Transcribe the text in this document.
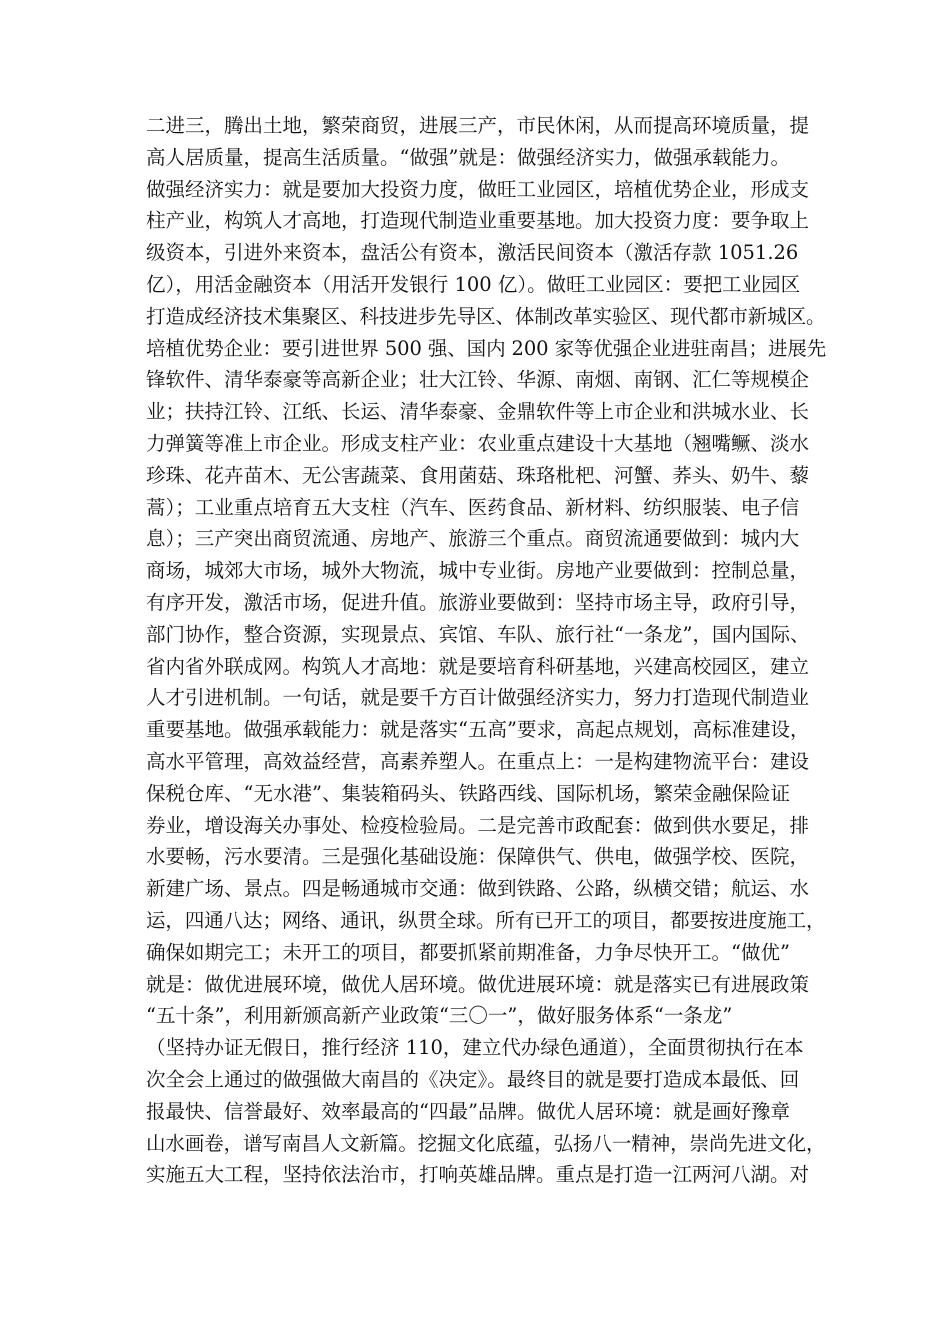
二进三，腾出土地，繁荣商贸，进展三产，市民休闲，从而提高环境质量，提
高人居质量，提高生活质量。“做强”就是：做强经济实力，做强承载能力。
做强经济实力：就是要加大投资力度，做旺工业园区，培植优势企业，形成支
柱产业，构筑人才高地，打造现代制造业重要基地。加大投资力度：要争取上
级资本，引进外来资本，盘活公有资本，激活民间资本（激活存款 1051.26
亿），用活金融资本（用活开发银行 100 亿）。做旺工业园区：要把工业园区
打造成经济技术集聚区、科技进步先导区、体制改革实验区、现代都市新城区。
培植优势企业：要引进世界 500 强、国内 200 家等优强企业进驻南昌；进展先
锋软件、清华泰豪等高新企业；壮大江铃、华源、南烟、南钢、汇仁等规模企
业；扶持江铃、江纸、长运、清华泰豪、金鼎软件等上市企业和洪城水业、长
力弹簧等准上市企业。形成支柱产业：农业重点建设十大基地（翘嘴鳜、淡水
珍珠、花卉苗木、无公害蔬菜、食用菌菇、珠珞枇杷、河蟹、荞头、奶牛、藜
蒿）；工业重点培育五大支柱（汽车、医药食品、新材料、纺织服装、电子信
息）；三产突出商贸流通、房地产、旅游三个重点。商贸流通要做到：城内大
商场，城郊大市场，城外大物流，城中专业街。房地产业要做到：控制总量，
有序开发，激活市场，促进升值。旅游业要做到：坚持市场主导，政府引导，
部门协作，整合资源，实现景点、宾馆、车队、旅行社“一条龙”，国内国际、
省内省外联成网。构筑人才高地：就是要培育科研基地，兴建高校园区，建立
人才引进机制。一句话，就是要千方百计做强经济实力，努力打造现代制造业
重要基地。做强承载能力：就是落实“五高”要求，高起点规划，高标准建设，
高水平管理，高效益经营，高素养塑人。在重点上：一是构建物流平台：建设
保税仓库、“无水港”、集装箱码头、铁路西线、国际机场，繁荣金融保险证
券业，增设海关办事处、检疫检验局。二是完善市政配套：做到供水要足，排
水要畅，污水要清。三是强化基础设施：保障供气、供电，做强学校、医院，
新建广场、景点。四是畅通城市交通：做到铁路、公路，纵横交错；航运、水
运，四通八达；网络、通讯，纵贯全球。所有已开工的项目，都要按进度施工，
确保如期完工；未开工的项目，都要抓紧前期准备，力争尽快开工。“做优”
就是：做优进展环境，做优人居环境。做优进展环境：就是落实已有进展政策
“五十条”，利用新颁高新产业政策“三〇一”，做好服务体系“一条龙”
（坚持办证无假日，推行经济 110，建立代办绿色通道），全面贯彻执行在本
次全会上通过的做强做大南昌的《决定》。最终目的就是要打造成本最低、回
报最快、信誉最好、效率最高的“四最”品牌。做优人居环境：就是画好豫章
山水画卷，谱写南昌人文新篇。挖掘文化底蕴，弘扬八一精神，崇尚先进文化，
实施五大工程，坚持依法治市，打响英雄品牌。重点是打造一江两河八湖。对
